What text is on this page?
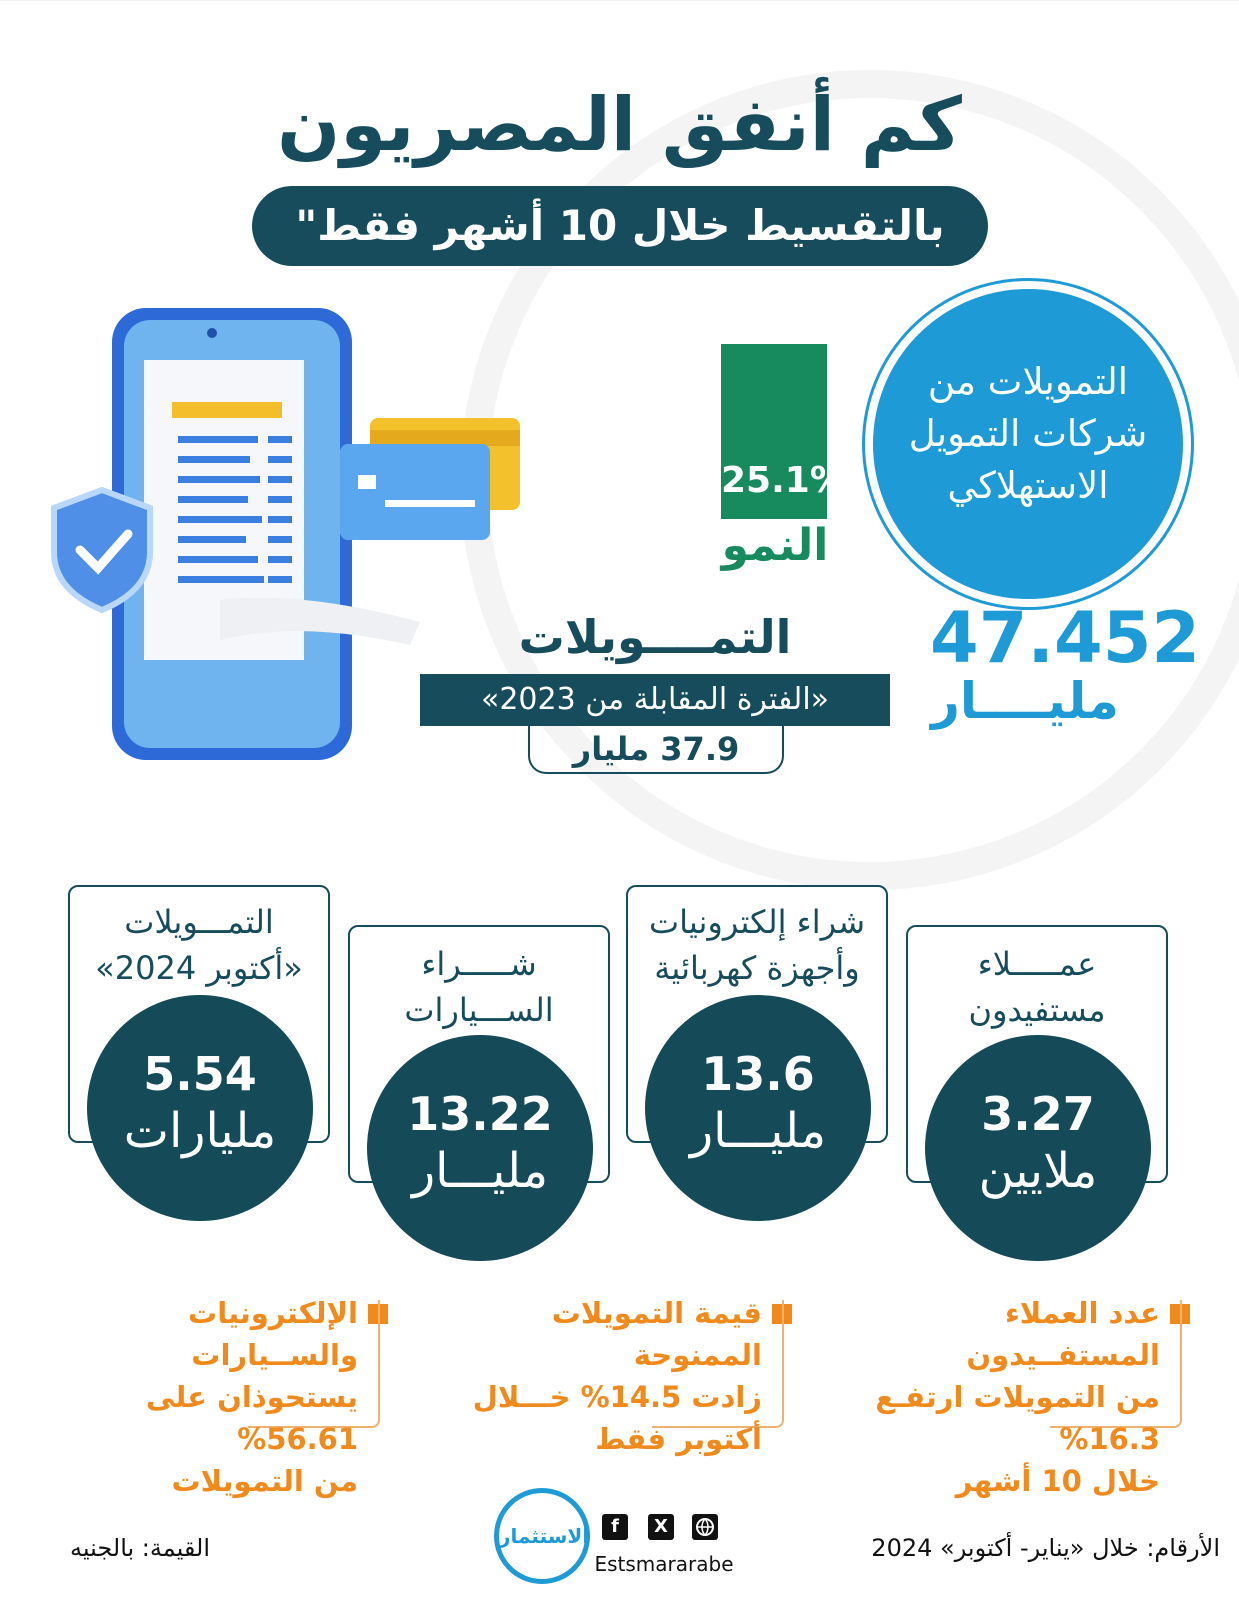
كم أنفق المصريون
بالتقسيط خلال 10 أشهر فقط"
25.1%
النمو
التمويلات من
شركات التمويل
الاستهلاكي
47.452
مليــــار
التمــــويلات
«الفترة المقابلة من 2023»
37.9 مليار
عمـــــلاء
مستفيدون
3.27
ملايين
شراء إلكترونيات
وأجهزة كهربائية
13.6
مليـــار
شـــــراء
الســـيارات
13.22
مليـــار
التمـــويلات
«أكتوبر 2024»
5.54
مليارات
عدد العملاء المستفــيدون
من التمويلات ارتفـع 16.3%
خلال 10 أشهر
قيمة التمويلات الممنوحة
زادت 14.5% خـــلال
أكتوبر فقط
الإلكترونيات والســيارات
يستحوذان على 56.61%
من التمويلات
الأرقام: خلال «يناير- أكتوبر» 2024
القيمة: بالجنيه	الاستثمار	f	X
Estsmararabe
